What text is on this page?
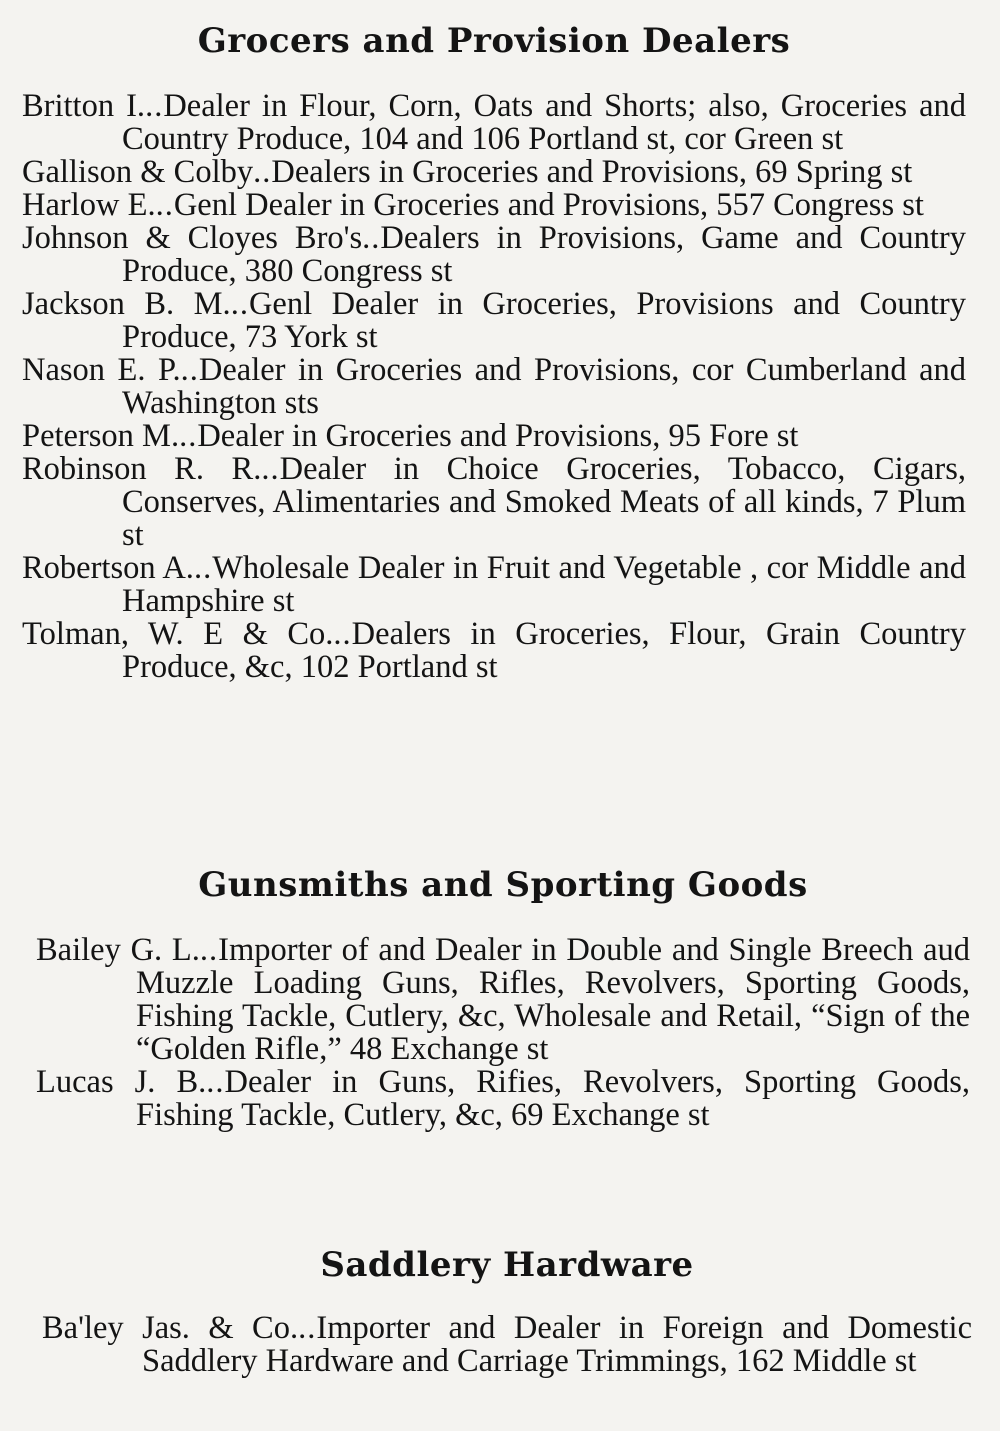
Grocers and Provision Dealers
Britton I...Dealer in Flour, Corn, Oats and Shorts; also, Groceries and Country Produce, 104 and 106 Portland st, cor Green st
Gallison & Colby..Dealers in Groceries and Provisions, 69 Spring st
Harlow E...Genl Dealer in Groceries and Provisions, 557 Congress st
Johnson & Cloyes Bro's..Dealers in Provisions, Game and Country Produce, 380 Congress st
Jackson B. M...Genl Dealer in Groceries, Provisions and Country Produce, 73 York st
Nason E. P...Dealer in Groceries and Provisions, cor Cumberland and Washington sts
Peterson M...Dealer in Groceries and Provisions, 95 Fore st
Robinson R. R...Dealer in Choice Groceries, Tobacco, Cigars, Conserves, Alimentaries and Smoked Meats of all kinds, 7 Plum st
Robertson A...Wholesale Dealer in Fruit and Vegetable , cor Middle and Hampshire st
Tolman, W. E & Co...Dealers in Groceries, Flour, Grain Country Produce, &c, 102 Portland st
Gunsmiths and Sporting Goods
Bailey G. L...Importer of and Dealer in Double and Single Breech aud Muzzle Loading Guns, Rifles, Revolvers, Sporting Goods, Fishing Tackle, Cutlery, &c, Wholesale and Retail, “Sign of the “Golden Rifle,” 48 Exchange st
Lucas J. B...Dealer in Guns, Rifies, Revolvers, Sporting Goods, Fishing Tackle, Cutlery, &c, 69 Exchange st
Saddlery Hardware
Ba'ley Jas. & Co...Importer and Dealer in Foreign and Domestic Saddlery Hardware and Carriage Trimmings, 162 Middle st
